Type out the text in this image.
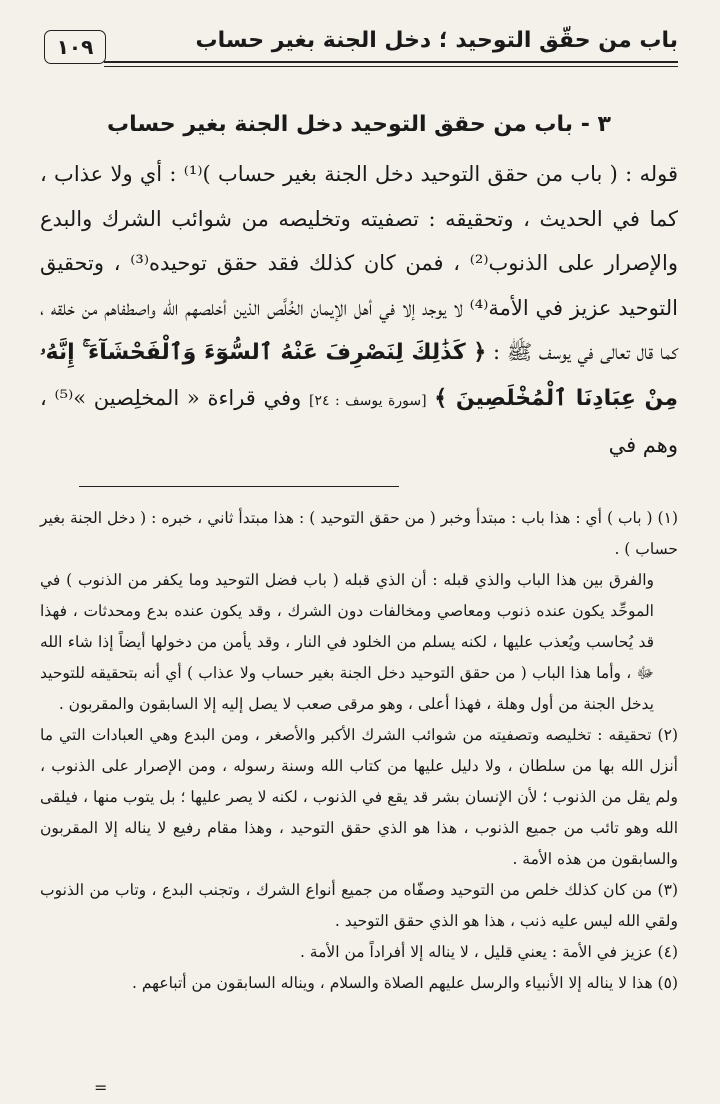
باب من حقّق التوحيد ؛ دخل الجنة بغير حساب
١٠٩
٣ - باب من حقق التوحيد دخل الجنة بغير حساب

قوله : ( باب من حقق التوحيد دخل الجنة بغير حساب )⁽¹⁾ : أي ولا عذاب ، كما في الحديث ، وتحقيقه : تصفيته وتخليصه من شوائب الشرك والبدع والإصرار على الذنوب⁽²⁾ ، فمن كان كذلك فقد حقق توحيده⁽³⁾ ، وتحقيق التوحيد عزيز في الأمة⁽⁴⁾ لا يوجد إلا في أهل الإيمان الخُلَّص الذين أخلصهم الله واصطفاهم من خلقه ، كما قال تعالى في يوسف ﷺ : ﴿ كَذَٰلِكَ لِنَصْرِفَ عَنْهُ ٱلسُّوٓءَ وَٱلْفَحْشَآءَ ۚ إِنَّهُۥ مِنْ عِبَادِنَا ٱلْمُخْلَصِينَ ﴾ [سورة يوسف : ٢٤] وفي قراءة « المخلِصين »⁽⁵⁾ ، وهم في

(١) ( باب ) أي : هذا باب : مبتدأ وخبر ( من حقق التوحيد ) : هذا مبتدأ ثاني ، خبره : ( دخل الجنة بغير حساب ) .

والفرق بين هذا الباب والذي قبله : أن الذي قبله ( باب فضل التوحيد وما يكفر من الذنوب ) في الموحِّد يكون عنده ذنوب ومعاصي ومخالفات دون الشرك ، وقد يكون عنده بدع ومحدثات ، فهذا قد يُحاسب ويُعذب عليها ، لكنه يسلم من الخلود في النار ، وقد يأمن من دخولها أيضاً إذا شاء الله ﷻ ، وأما هذا الباب ( من حقق التوحيد دخل الجنة بغير حساب ولا عذاب ) أي أنه بتحقيقه للتوحيد يدخل الجنة من أول وهلة ، فهذا أعلى ، وهو مرقى صعب لا يصل إليه إلا السابقون والمقربون .

(٢) تحقيقه : تخليصه وتصفيته من شوائب الشرك الأكبر والأصغر ، ومن البدع وهي العبادات التي ما أنزل الله بها من سلطان ، ولا دليل عليها من كتاب الله وسنة رسوله ، ومن الإصرار على الذنوب ، ولم يقل من الذنوب ؛ لأن الإنسان بشر قد يقع في الذنوب ، لكنه لا يصر عليها ؛ بل يتوب منها ، فيلقى الله وهو تائب من جميع الذنوب ، هذا هو الذي حقق التوحيد ، وهذا مقام رفيع لا يناله إلا المقربون والسابقون من هذه الأمة .

(٣) من كان كذلك خلص من التوحيد وصفّاه من جميع أنواع الشرك ، وتجنب البدع ، وتاب من الذنوب ولقي الله ليس عليه ذنب ، هذا هو الذي حقق التوحيد .

(٤) عزيز في الأمة : يعني قليل ، لا يناله إلا أفراداً من الأمة .

(٥) هذا لا يناله إلا الأنبياء والرسل عليهم الصلاة والسلام ، ويناله السابقون من أتباعهم .

=
